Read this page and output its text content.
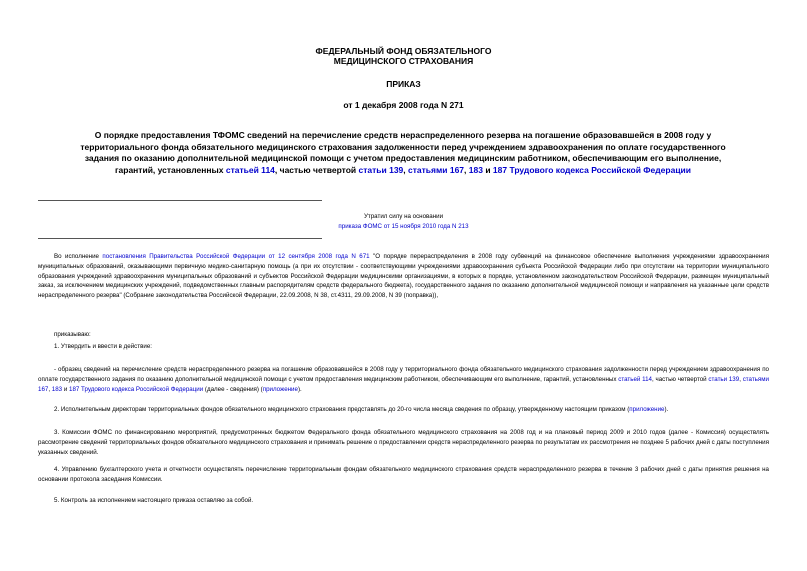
ФЕДЕРАЛЬНЫЙ ФОНД ОБЯЗАТЕЛЬНОГО
МЕДИЦИНСКОГО СТРАХОВАНИЯ
ПРИКАЗ
от 1 декабря 2008 года N 271
О порядке предоставления ТФОМС сведений на перечисление средств нераспределенного резерва на погашение образовавшейся в 2008 году у территориального фонда обязательного медицинского страхования задолженности перед учреждением здравоохранения по оплате государственного задания по оказанию дополнительной медицинской помощи с учетом предоставления медицинским работником, обеспечивающим его выполнение, гарантий, установленных статьей 114, частью четвертой статьи 139, статьями 167, 183 и 187 Трудового кодекса Российской Федерации
Утратил силу на основании
приказа ФОМС от 15 ноября 2010 года N 213
Во исполнение постановления Правительства Российской Федерации от 12 сентября 2008 года N 671 "О порядке перераспределения в 2008 году субвенций на финансовое обеспечение выполнения учреждениями здравоохранения муниципальных образований, оказывающими первичную медико-санитарную помощь (а при их отсутствии - соответствующими учреждениями здравоохранения субъекта Российской Федерации либо при отсутствии на территории муниципального образования учреждений здравоохранения муниципальных образований и субъектов Российской Федерации медицинскими организациями, в которых в порядке, установленном законодательством Российской Федерации, размещен муниципальный заказ, за исключением медицинских учреждений, подведомственных главным распорядителям средств федерального бюджета), государственного задания по оказанию дополнительной медицинской помощи и направления на указанные цели средств нераспределенного резерва" (Собрание законодательства Российской Федерации, 22.09.2008, N 38, ст.4311, 29.09.2008, N 39 (поправка)),
приказываю:
1. Утвердить и ввести в действие:
- образец сведений на перечисление средств нераспределенного резерва на погашение образовавшейся в 2008 году у территориального фонда обязательного медицинского страхования задолженности перед учреждением здравоохранения по оплате государственного задания по оказанию дополнительной медицинской помощи с учетом предоставления медицинским работником, обеспечивающим его выполнение, гарантий, установленных статьей 114, частью четвертой статьи 139, статьями 167, 183 и 187 Трудового кодекса Российской Федерации (далее - сведения) (приложение).
2. Исполнительным директорам территориальных фондов обязательного медицинского страхования представлять до 20-го числа месяца сведения по образцу, утвержденному настоящим приказом (приложение).
3. Комиссии ФОМС по финансированию мероприятий, предусмотренных бюджетом Федерального фонда обязательного медицинского страхования на 2008 год и на плановый период 2009 и 2010 годов (далее - Комиссия) осуществлять рассмотрение сведений территориальных фондов обязательного медицинского страхования и принимать решение о предоставлении средств нераспределенного резерва по результатам их рассмотрения не позднее 5 рабочих дней с даты поступления указанных сведений.
4. Управлению бухгалтерского учета и отчетности осуществлять перечисление территориальным фондам обязательного медицинского страхования средств нераспределенного резерва в течение 3 рабочих дней с даты принятия решения на основании протокола заседания Комиссии.
5. Контроль за исполнением настоящего приказа оставляю за собой.
